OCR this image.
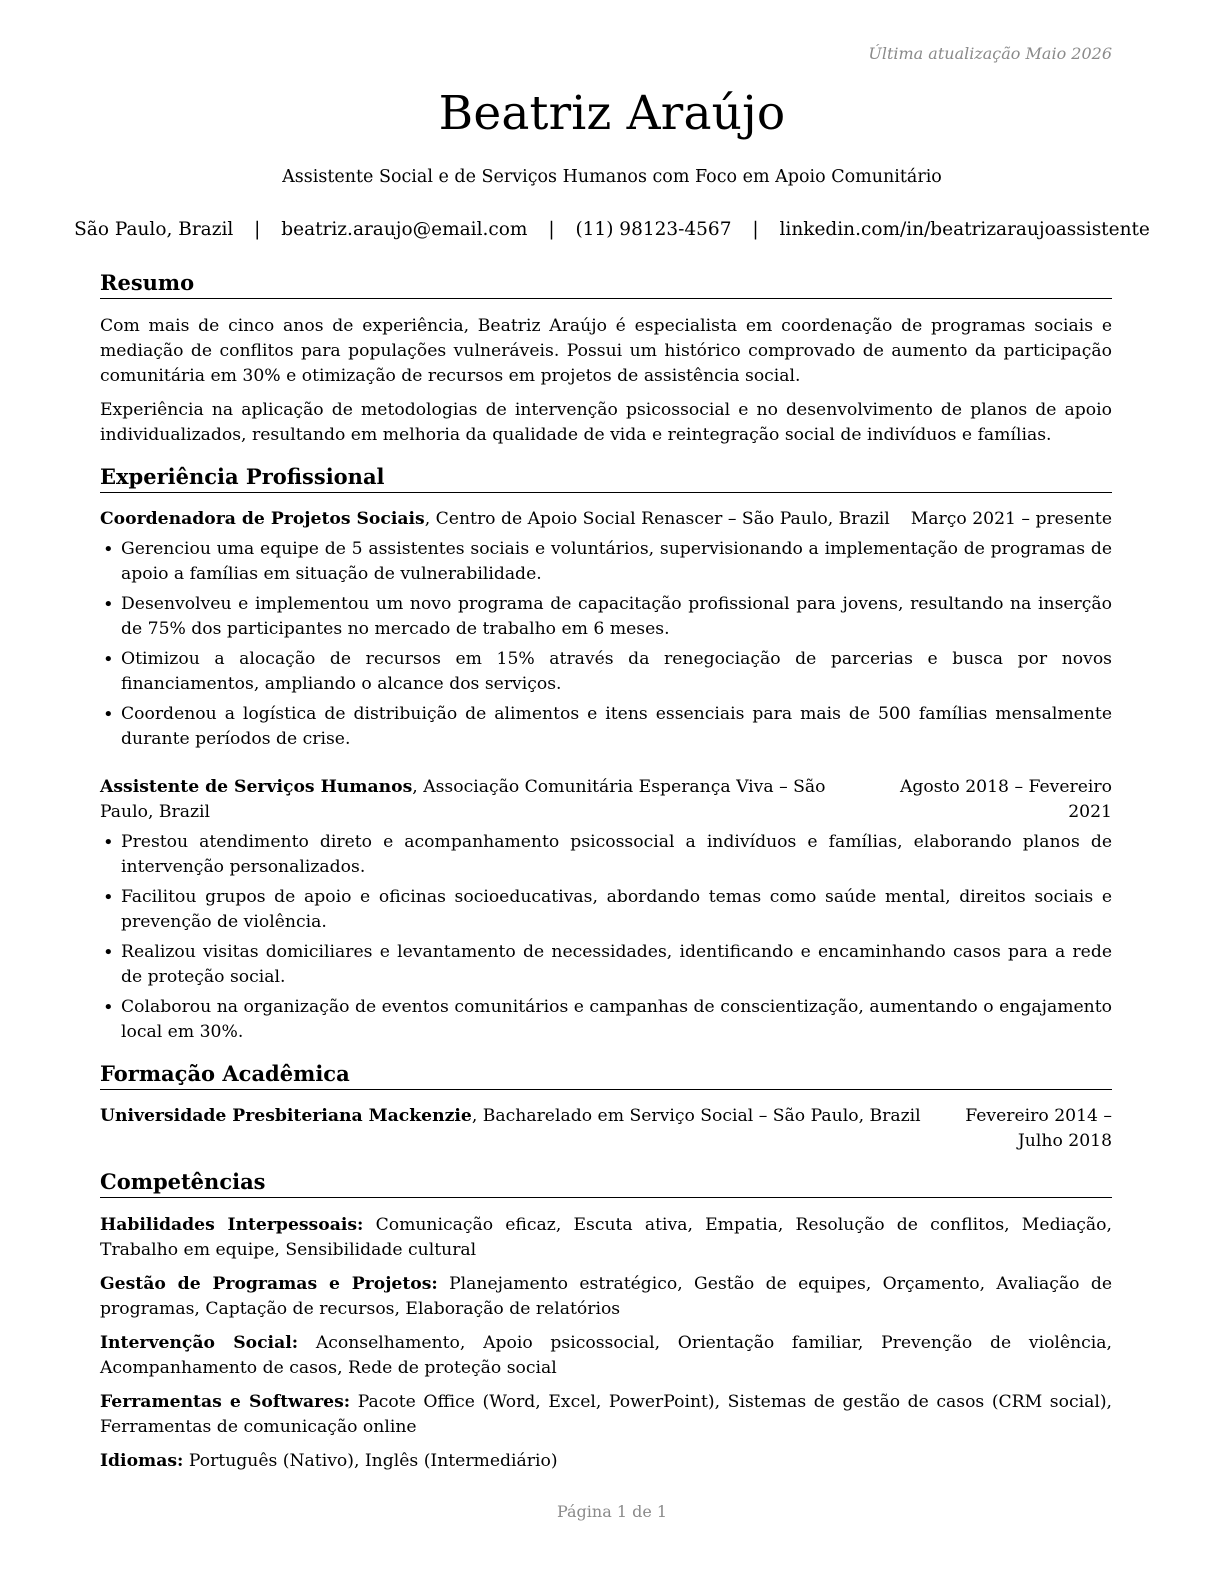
Última atualização Maio 2026
Beatriz Araújo
Assistente Social e de Serviços Humanos com Foco em Apoio Comunitário
São Paulo, Brazil | beatriz.araujo@email.com | (11) 98123-4567 | linkedin.com/in/beatrizaraujoassistente
Resumo
Com mais de cinco anos de experiência, Beatriz Araújo é especialista em coordenação de programas sociais e mediação de conflitos para populações vulneráveis. Possui um histórico comprovado de aumento da participação comunitária em 30% e otimização de recursos em projetos de assistência social.
Experiência na aplicação de metodologias de intervenção psicossocial e no desenvolvimento de planos de apoio individualizados, resultando em melhoria da qualidade de vida e reintegração social de indivíduos e famílias.
Experiência Profissional
Coordenadora de Projetos Sociais, Centro de Apoio Social Renascer – São Paulo, Brazil Março 2021 – presente
• Gerenciou uma equipe de 5 assistentes sociais e voluntários, supervisionando a implementação de programas de apoio a famílias em situação de vulnerabilidade.
• Desenvolveu e implementou um novo programa de capacitação profissional para jovens, resultando na inserção de 75% dos participantes no mercado de trabalho em 6 meses.
• Otimizou a alocação de recursos em 15% através da renegociação de parcerias e busca por novos financiamentos, ampliando o alcance dos serviços.
• Coordenou a logística de distribuição de alimentos e itens essenciais para mais de 500 famílias mensalmente durante períodos de crise.
Assistente de Serviços Humanos, Associação Comunitária Esperança Viva – São Paulo, Brazil
Agosto 2018 – Fevereiro 2021
• Prestou atendimento direto e acompanhamento psicossocial a indivíduos e famílias, elaborando planos de intervenção personalizados.
• Facilitou grupos de apoio e oficinas socioeducativas, abordando temas como saúde mental, direitos sociais e prevenção de violência.
• Realizou visitas domiciliares e levantamento de necessidades, identificando e encaminhando casos para a rede de proteção social.
• Colaborou na organização de eventos comunitários e campanhas de conscientização, aumentando o engajamento local em 30%.
Formação Acadêmica
Universidade Presbiteriana Mackenzie, Bacharelado em Serviço Social – São Paulo, Brazil	Fevereiro 2014 – Julho 2018
Competências
Habilidades Interpessoais: Comunicação eficaz, Escuta ativa, Empatia, Resolução de conflitos, Mediação, Trabalho em equipe, Sensibilidade cultural
Gestão de Programas e Projetos: Planejamento estratégico, Gestão de equipes, Orçamento, Avaliação de programas, Captação de recursos, Elaboração de relatórios
Intervenção Social: Aconselhamento, Apoio psicossocial, Orientação familiar, Prevenção de violência, Acompanhamento de casos, Rede de proteção social
Ferramentas e Softwares: Pacote Office (Word, Excel, PowerPoint), Sistemas de gestão de casos (CRM social), Ferramentas de comunicação online
Idiomas: Português (Nativo), Inglês (Intermediário)
Página 1 de 1
